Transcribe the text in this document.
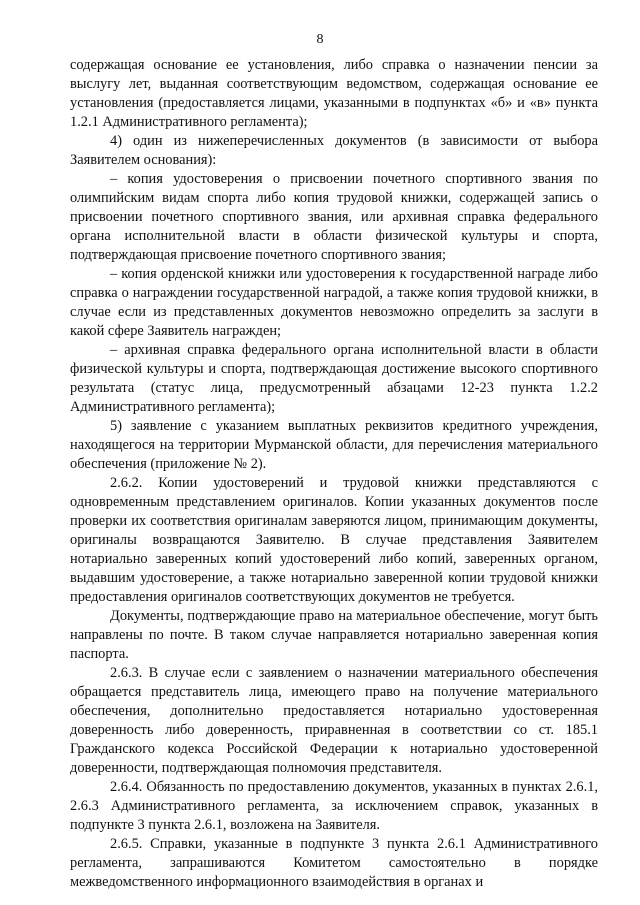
8

содержащая основание ее установления, либо справка о назначении пенсии за выслугу лет, выданная соответствующим ведомством, содержащая основание ее установления (предоставляется лицами, указанными в подпунктах «б» и «в» пункта 1.2.1 Административного регламента);

4) один из нижеперечисленных документов (в зависимости от выбора Заявителем основания):

– копия удостоверения о присвоении почетного спортивного звания по олимпийским видам спорта либо копия трудовой книжки, содержащей запись о присвоении почетного спортивного звания, или архивная справка федерального органа исполнительной власти в области физической культуры и спорта, подтверждающая присвоение почетного спортивного звания;

– копия орденской книжки или удостоверения к государственной награде либо справка о награждении государственной наградой, а также копия трудовой книжки, в случае если из представленных документов невозможно определить за заслуги в какой сфере Заявитель награжден;

– архивная справка федерального органа исполнительной власти в области физической культуры и спорта, подтверждающая достижение высокого спортивного результата (статус лица, предусмотренный абзацами 12-23 пункта 1.2.2 Административного регламента);

5) заявление с указанием выплатных реквизитов кредитного учреждения, находящегося на территории Мурманской области, для перечисления материального обеспечения (приложение № 2).

2.6.2. Копии удостоверений и трудовой книжки представляются с одновременным представлением оригиналов. Копии указанных документов после проверки их соответствия оригиналам заверяются лицом, принимающим документы, оригиналы возвращаются Заявителю. В случае представления Заявителем нотариально заверенных копий удостоверений либо копий, заверенных органом, выдавшим удостоверение, а также нотариально заверенной копии трудовой книжки предоставления оригиналов соответствующих документов не требуется.

Документы, подтверждающие право на материальное обеспечение, могут быть направлены по почте. В таком случае направляется нотариально заверенная копия паспорта.

2.6.3. В случае если с заявлением о назначении материального обеспечения обращается представитель лица, имеющего право на получение материального обеспечения, дополнительно предоставляется нотариально удостоверенная доверенность либо доверенность, приравненная в соответствии со ст. 185.1 Гражданского кодекса Российской Федерации к нотариально удостоверенной доверенности, подтверждающая полномочия представителя.

2.6.4. Обязанность по предоставлению документов, указанных в пунктах 2.6.1, 2.6.3 Административного регламента, за исключением справок, указанных в подпункте 3 пункта 2.6.1, возложена на Заявителя.

2.6.5. Справки, указанные в подпункте 3 пункта 2.6.1 Административного регламента, запрашиваются Комитетом самостоятельно в порядке межведомственного информационного взаимодействия в органах и
